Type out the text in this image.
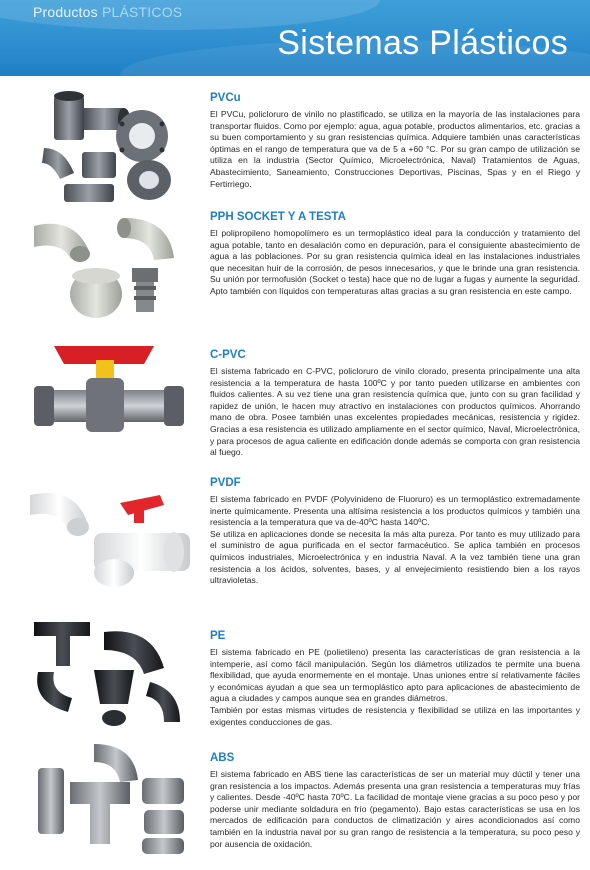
Productos PLÁSTICOS
Sistemas Plásticos
PVCu
El PVCu, policloruro de vinilo no plastificado, se utiliza en la mayoría de las instalaciones para transportar fluidos. Como por ejemplo: agua, agua potable, productos alimentarios, etc. gracias a su buen comportamiento y su gran resistencias química. Adquiere también unas características óptimas en el rango de temperatura que va de 5 a +60 °C. Por su gran campo de utilización se utiliza en la industria (Sector Químico, Microelectrónica, Naval) Tratamientos de Aguas, Abastecimiento, Saneamiento, Construcciones Deportivas, Piscinas, Spas y en el Riego y Fertirriego.
PPH SOCKET Y A TESTA
El polipropileno homopolímero es un termoplástico ideal para la conducción y tratamiento del agua potable, tanto en desalación como en depuración, para el consiguiente abastecimiento de agua a las poblaciones. Por su gran resistencia química ideal en las instalaciones industriales que necesitan huir de la corrosión, de pesos innecesarios, y que le brinde una gran resistencia. Su unión por termofusión (Socket o testa) hace que no de lugar a fugas y aumente la seguridad. Apto también con líquidos con temperaturas altas gracias a su gran resistencia en este campo.
C-PVC
El sistema fabricado en C-PVC, policloruro de vinilo clorado, presenta principalmente una alta resistencia a la temperatura de hasta 100ºC y por tanto pueden utilizarse en ambientes con fluidos calientes. A su vez tiene una gran resistencia química que, junto con su gran facilidad y rapidez de unión, le hacen muy atractivo en instalaciones con productos químicos. Ahorrando mano de obra. Posee también unas excelentes propiedades mecánicas, resistencia y rigidez. Gracias a esa resistencia es utilizado ampliamente en el sector químico, Naval, Microelectrónica, y para procesos de agua caliente en edificación donde además se comporta con gran resistencia al fuego.
PVDF
El sistema fabricado en PVDF (Polyvinideno de Fluoruro) es un termoplástico extremadamente inerte químicamente. Presenta una altísima resistencia a los productos químicos y también una resistencia a la temperatura que va de-40ºC hasta 140ºC.
Se utiliza en aplicaciones donde se necesita la más alta pureza. Por tanto es muy utilizado para el suministro de agua purificada en el sector farmacéutico. Se aplica también en procesos químicos industriales, Microelectrónica y en industria Naval. A la vez también tiene una gran resistencia a los ácidos, solventes, bases, y al envejecimiento resistiendo bien a los rayos ultravioletas.
PE
El sistema fabricado en PE (polietileno) presenta las características de gran resistencia a la intemperie, así como fácil manipulación. Según los diámetros utilizados te permite una buena flexibilidad, que ayuda enormemente en el montaje. Unas uniones entre sí relativamente fáciles y económicas ayudan a que sea un termoplástico apto para aplicaciones de abastecimiento de agua a ciudades y campos aunque sea en grandes diámetros.
También por estas mismas virtudes de resistencia y flexibilidad se utiliza en las importantes y exigentes conducciones de gas.
ABS
El sistema fabricado en ABS tiene las características de ser un material muy dúctil y tener una gran resistencia a los impactos. Además presenta una gran resistencia a temperaturas muy frías y calientes. Desde -40ºC hasta 70ºC. La facilidad de montaje viene gracias a su poco peso y por poderse unir mediante soldadura en frío (pegamento). Bajo estas características se usa en los mercados de edificación para conductos de climatización y aires acondicionados así como también en la industria naval por su gran rango de resistencia a la temperatura, su poco peso y por ausencia de oxidación.
